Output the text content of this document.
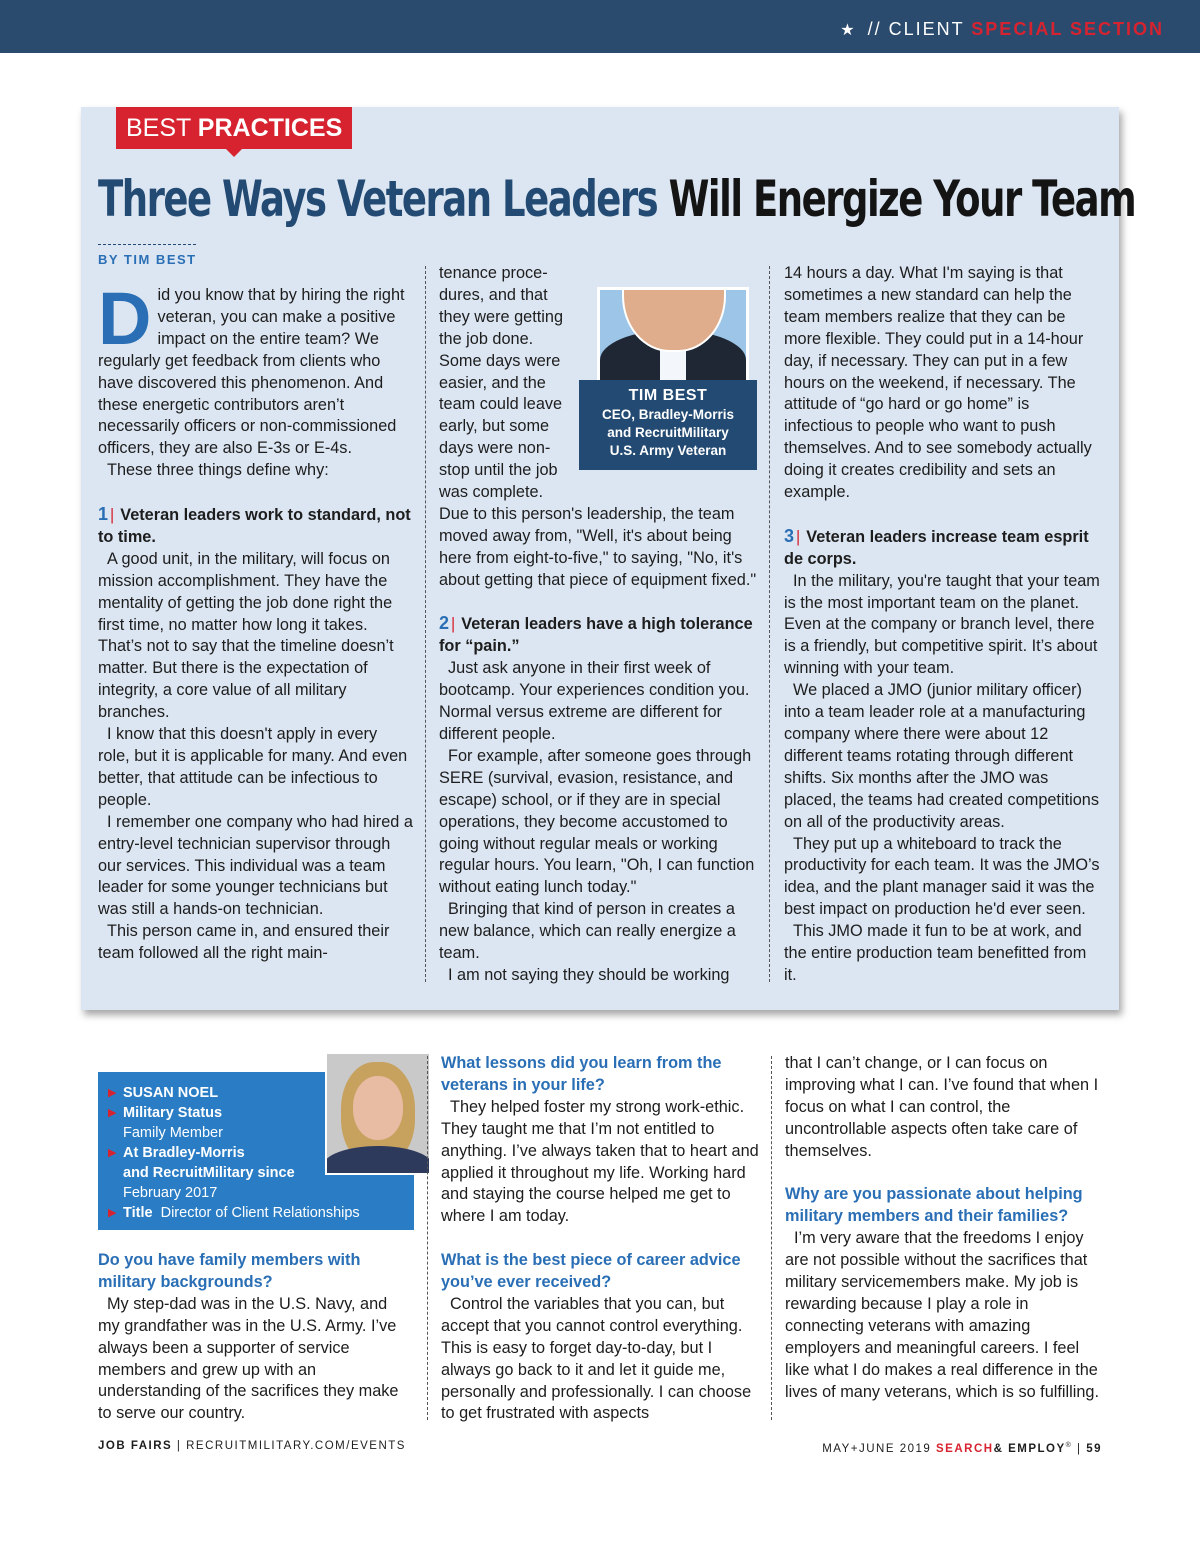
★ // CLIENT SPECIAL SECTION
BEST PRACTICES
Three Ways Veteran Leaders Will Energize Your Team
BY TIM BEST
D id you know that by hiring the right veteran, you can make a positive impact on the entire team? We regularly get feedback from clients who have discovered this phenomenon. And these energetic contributors aren’t necessarily officers or non-commissioned officers, they are also E-3s or E-4s.

These three things define why:

1 | Veteran leaders work to standard, not to time.

A good unit, in the military, will focus on mission accomplishment. They have the mentality of getting the job done right the first time, no matter how long it takes. That’s not to say that the timeline doesn’t matter. But there is the expectation of integrity, a core value of all military branches.

I know that this doesn't apply in every role, but it is applicable for many. And even better, that attitude can be infectious to people.

I remember one company who had hired a entry-level technician supervisor through our services. This individual was a team leader for some younger technicians but was still a hands-on technician.

This person came in, and ensured their team followed all the right main-

tenance proce-dures, and that they were getting the job done. Some days were easier, and the team could leave early, but some days were non-stop until the job was complete. Due to this person's leadership, the team moved away from, "Well, it's about being here from eight-to-five," to saying, "No, it's about getting that piece of equipment fixed."

2 | Veteran leaders have a high tolerance for “pain.”

Just ask anyone in their first week of bootcamp. Your experiences condition you. Normal versus extreme are different for different people.

For example, after someone goes through SERE (survival, evasion, resistance, and escape) school, or if they are in special operations, they become accustomed to going without regular meals or working regular hours. You learn, "Oh, I can function without eating lunch today."

Bringing that kind of person in creates a new balance, which can really energize a team.

I am not saying they should be working

TIM BEST
CEO, Bradley-Morris
and RecruitMilitary
U.S. Army Veteran

14 hours a day. What I'm saying is that sometimes a new standard can help the team members realize that they can be more flexible. They could put in a 14-hour day, if necessary. They can put in a few hours on the weekend, if necessary. The attitude of “go hard or go home” is infectious to people who want to push themselves. And to see somebody actually doing it creates credibility and sets an example.

3 | Veteran leaders increase team esprit de corps.

In the military, you're taught that your team is the most important team on the planet. Even at the company or branch level, there is a friendly, but competitive spirit. It’s about winning with your team.

We placed a JMO (junior military officer) into a team leader role at a manufacturing company where there were about 12 different teams rotating through different shifts. Six months after the JMO was placed, the teams had created competitions on all of the productivity areas.

They put up a whiteboard to track the productivity for each team. It was the JMO’s idea, and the plant manager said it was the best impact on production he'd ever seen.

This JMO made it fun to be at work, and the entire production team benefitted from it.

▶ SUSAN NOEL
▶ Military Status
Family Member
▶ At Bradley-Morris
and RecruitMilitary since
February 2017
▶ Title Director of Client Relationships
Do you have family members with military backgrounds?

My step-dad was in the U.S. Navy, and my grandfather was in the U.S. Army. I’ve always been a supporter of service members and grew up with an understanding of the sacrifices they make to serve our country.

What lessons did you learn from the veterans in your life?

They helped foster my strong work-ethic. They taught me that I’m not entitled to anything. I’ve always taken that to heart and applied it throughout my life. Working hard and staying the course helped me get to where I am today.

What is the best piece of career advice you’ve ever received?

Control the variables that you can, but accept that you cannot control everything. This is easy to forget day-to-day, but I always go back to it and let it guide me, personally and professionally. I can choose to get frustrated with aspects

that I can’t change, or I can focus on improving what I can. I’ve found that when I focus on what I can control, the uncontrollable aspects often take care of themselves.

Why are you passionate about helping military members and their families?

I’m very aware that the freedoms I enjoy are not possible without the sacrifices that military servicemembers make. My job is rewarding because I play a role in connecting veterans with amazing employers and meaningful careers. I feel like what I do makes a real difference in the lives of many veterans, which is so fulfilling.

JOB FAIRS | RECRUITMILITARY.COM/EVENTS	MAY+JUNE 2019 SEARCH& EMPLOY® | 59
